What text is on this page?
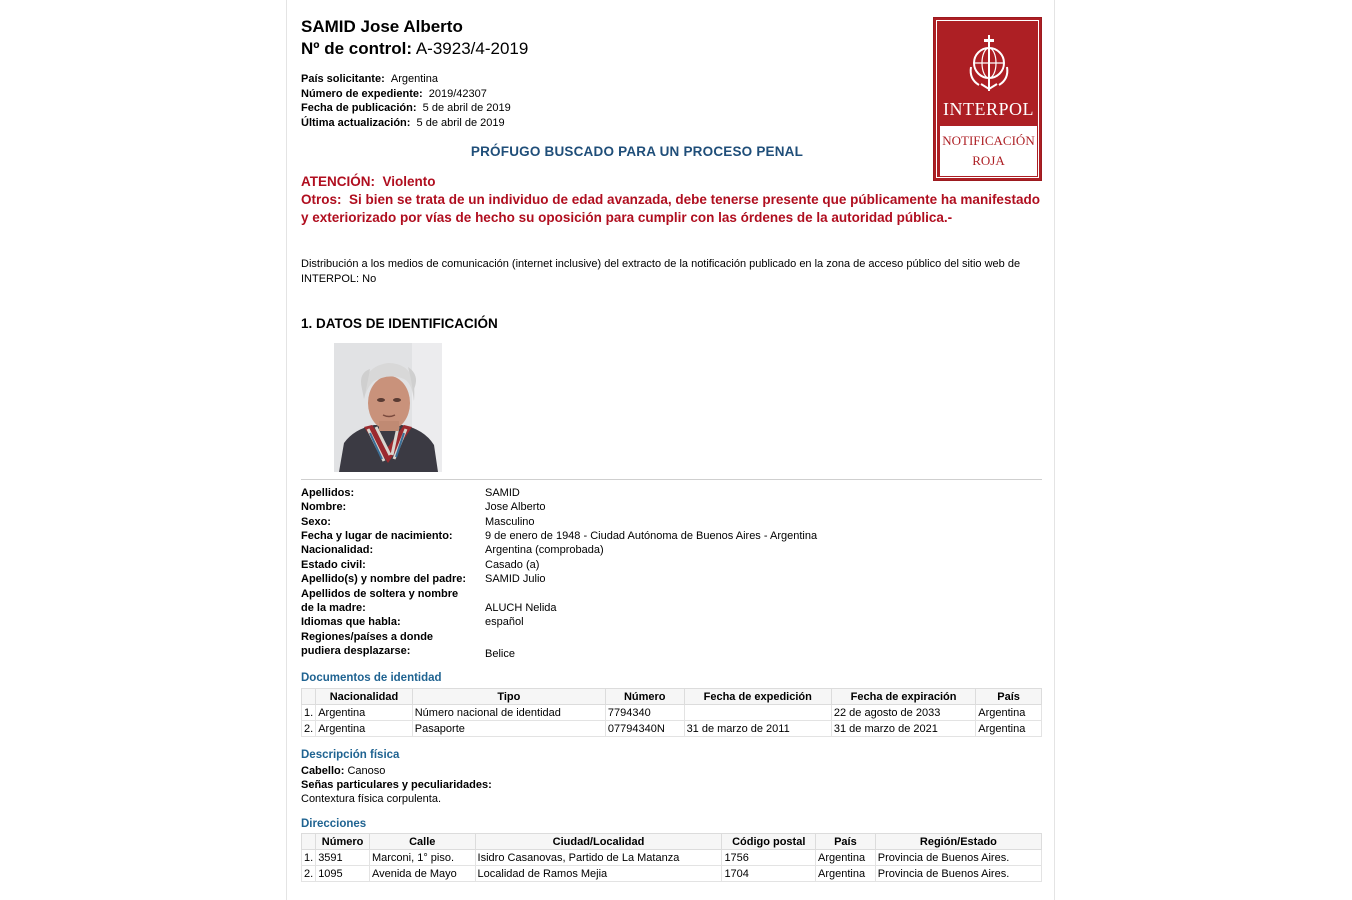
SAMID Jose Alberto
Nº de control: A-3923/4-2019
País solicitante: Argentina
Número de expediente: 2019/42307
Fecha de publicación: 5 de abril de 2019
Última actualización: 5 de abril de 2019
INTERPOL
NOTIFICACIÓN
ROJA
PRÓFUGO BUSCADO PARA UN PROCESO PENAL
ATENCIÓN: Violento
Otros: Si bien se trata de un individuo de edad avanzada, debe tenerse presente que públicamente ha manifestado y exteriorizado por vías de hecho su oposición para cumplir con las órdenes de la autoridad pública.-
Distribución a los medios de comunicación (internet inclusive) del extracto de la notificación publicado en la zona de acceso público del sitio web de INTERPOL: No
1. DATOS DE IDENTIFICACIÓN
Apellidos:	SAMID
Nombre:	Jose Alberto
Sexo:	Masculino
Fecha y lugar de nacimiento:	9 de enero de 1948 - Ciudad Autónoma de Buenos Aires - Argentina
Nacionalidad:	Argentina (comprobada)
Estado civil:	Casado (a)
Apellido(s) y nombre del padre: SAMID Julio
Apellidos de soltera y nombre
de la madre:	ALUCH Nelida
Idiomas que habla:	español
Regiones/países a donde
pudiera desplazarse:	Belice
Documentos de identidad
	Nacionalidad	Tipo	Número	Fecha de expedición	Fecha de expiración	País
1.	Argentina	Número nacional de identidad	7794340		22 de agosto de 2033	Argentina
2.	Argentina	Pasaporte	07794340N	31 de marzo de 2011	31 de marzo de 2021	Argentina
Descripción física
Cabello: Canoso
Señas particulares y peculiaridades:
Contextura física corpulenta.
Direcciones
	Número	Calle	Ciudad/Localidad	Código postal	País	Región/Estado
1.	3591	Marconi, 1° piso.	Isidro Casanovas, Partido de La Matanza	1756	Argentina	Provincia de Buenos Aires.
2.	1095	Avenida de Mayo	Localidad de Ramos Mejia	1704	Argentina	Provincia de Buenos Aires.
